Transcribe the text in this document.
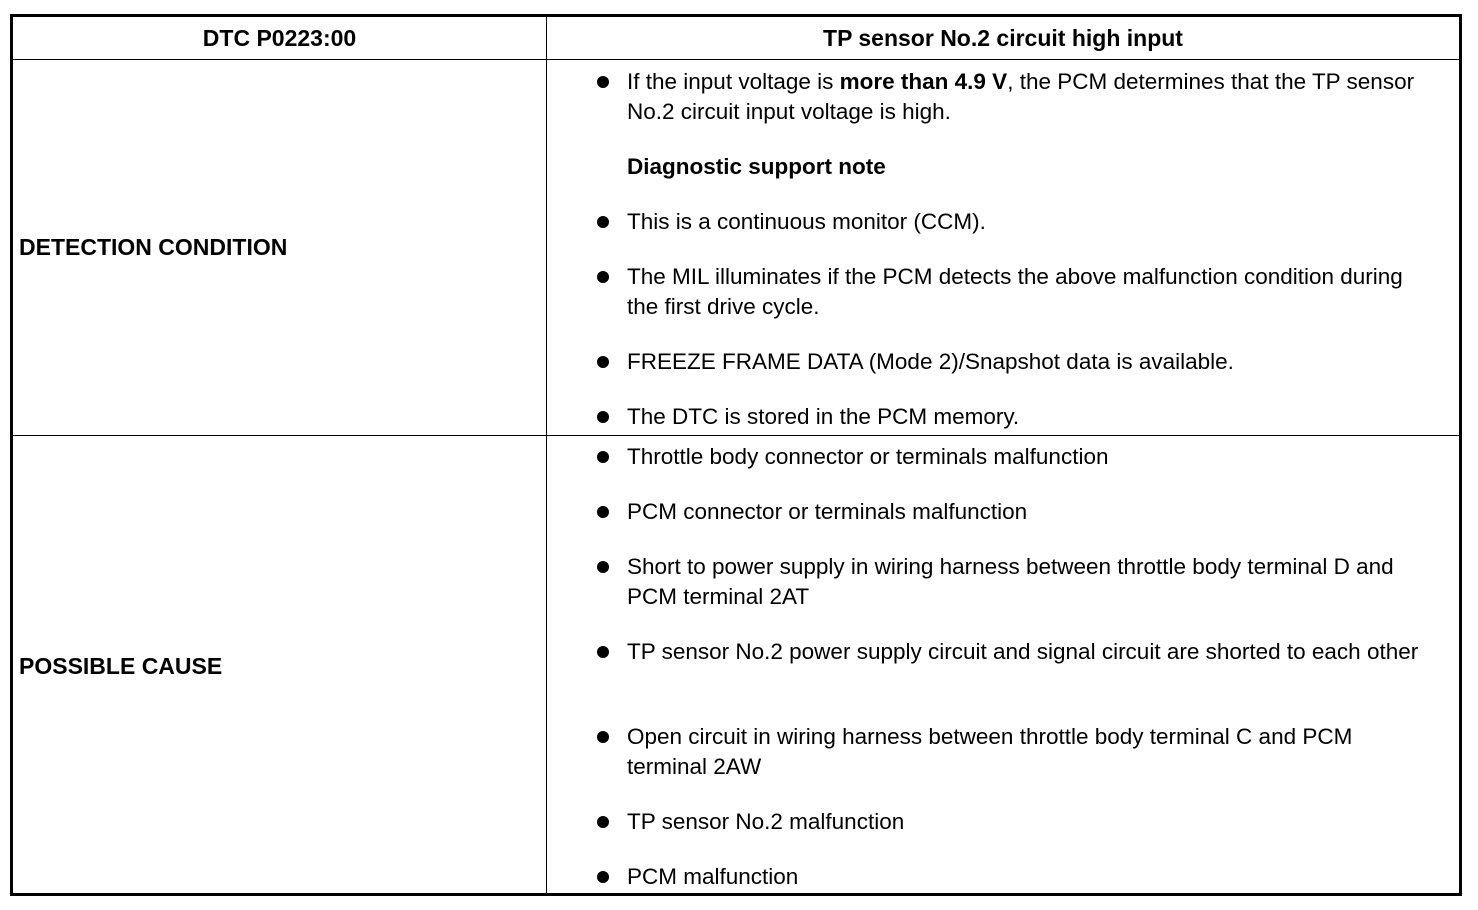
DTC P0223:00	TP sensor No.2 circuit high input
DETECTION CONDITION
If the input voltage is more than 4.9 V, the PCM determines that the TP sensor No.2 circuit input voltage is high.
Diagnostic support note
This is a continuous monitor (CCM).
The MIL illuminates if the PCM detects the above malfunction condition during the first drive cycle.
FREEZE FRAME DATA (Mode 2)/Snapshot data is available.
The DTC is stored in the PCM memory.
POSSIBLE CAUSE
Throttle body connector or terminals malfunction
PCM connector or terminals malfunction
Short to power supply in wiring harness between throttle body terminal D and PCM terminal 2AT
TP sensor No.2 power supply circuit and signal circuit are shorted to each other
Open circuit in wiring harness between throttle body terminal C and PCM terminal 2AW
TP sensor No.2 malfunction
PCM malfunction
